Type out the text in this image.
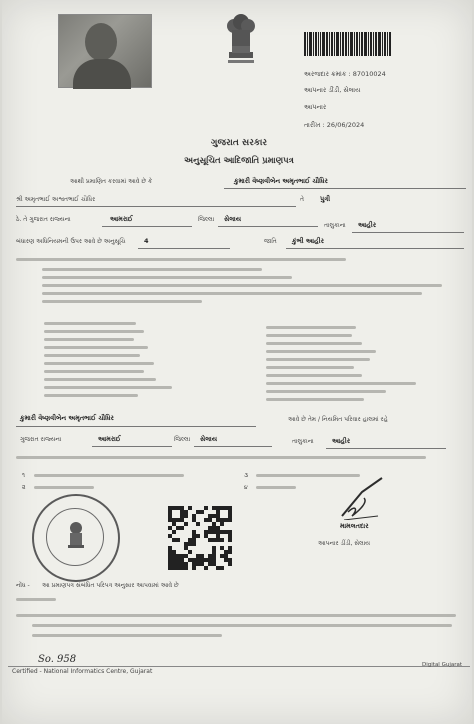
અરજદાર ક્રમાંક : 87010024
આપનાર ડીંડી, સેલાય
આપનાર
તારીખ : 26/06/2024
ગુજરાત સરકાર
અનુસૂચિત આદિજાતિ પ્રમાણપત્ર
આથી પ્રમાણિત કરવામાં આવે છે કે	કુમારી વૈષ્ણવીબેન અમૃતભાઈ ચૌધિર
શ્રી અમૃતભાઈ અશ્વતભાઈ ચૌધિર	તે પુત્રી
ઠે. તે ગુજરાત રાજ્યના	આમરાઈ	જિલ્લા સેલાય
તાલુકાના આહીર
બંધારણ અધિનિયમની ઉપર આવે છે અનુસૂચિ	4	જાતિ કુંભી આહીર
કુમારી વૈષ્ણવીબેન અમૃતભાઈ ચૌધિર	આવે છે તેમ / નિયમિત પરિવાર હાલમાં રહે
ગુજરાત રાજ્યના	આમરાઈ	જિલ્લા સેલાય	તાલુકાના	આહીર
૧
૨
૩
૪
મામલતદાર
આપનાર ડીંડી, સેલાય
નોંધ - આ પ્રમાણપત્ર સંબંધિત પરિપત્ર અનુસાર આપવામાં આવે છે
So. 958
Certified - National Informatics Centre, Gujarat
Digital Gujarat
